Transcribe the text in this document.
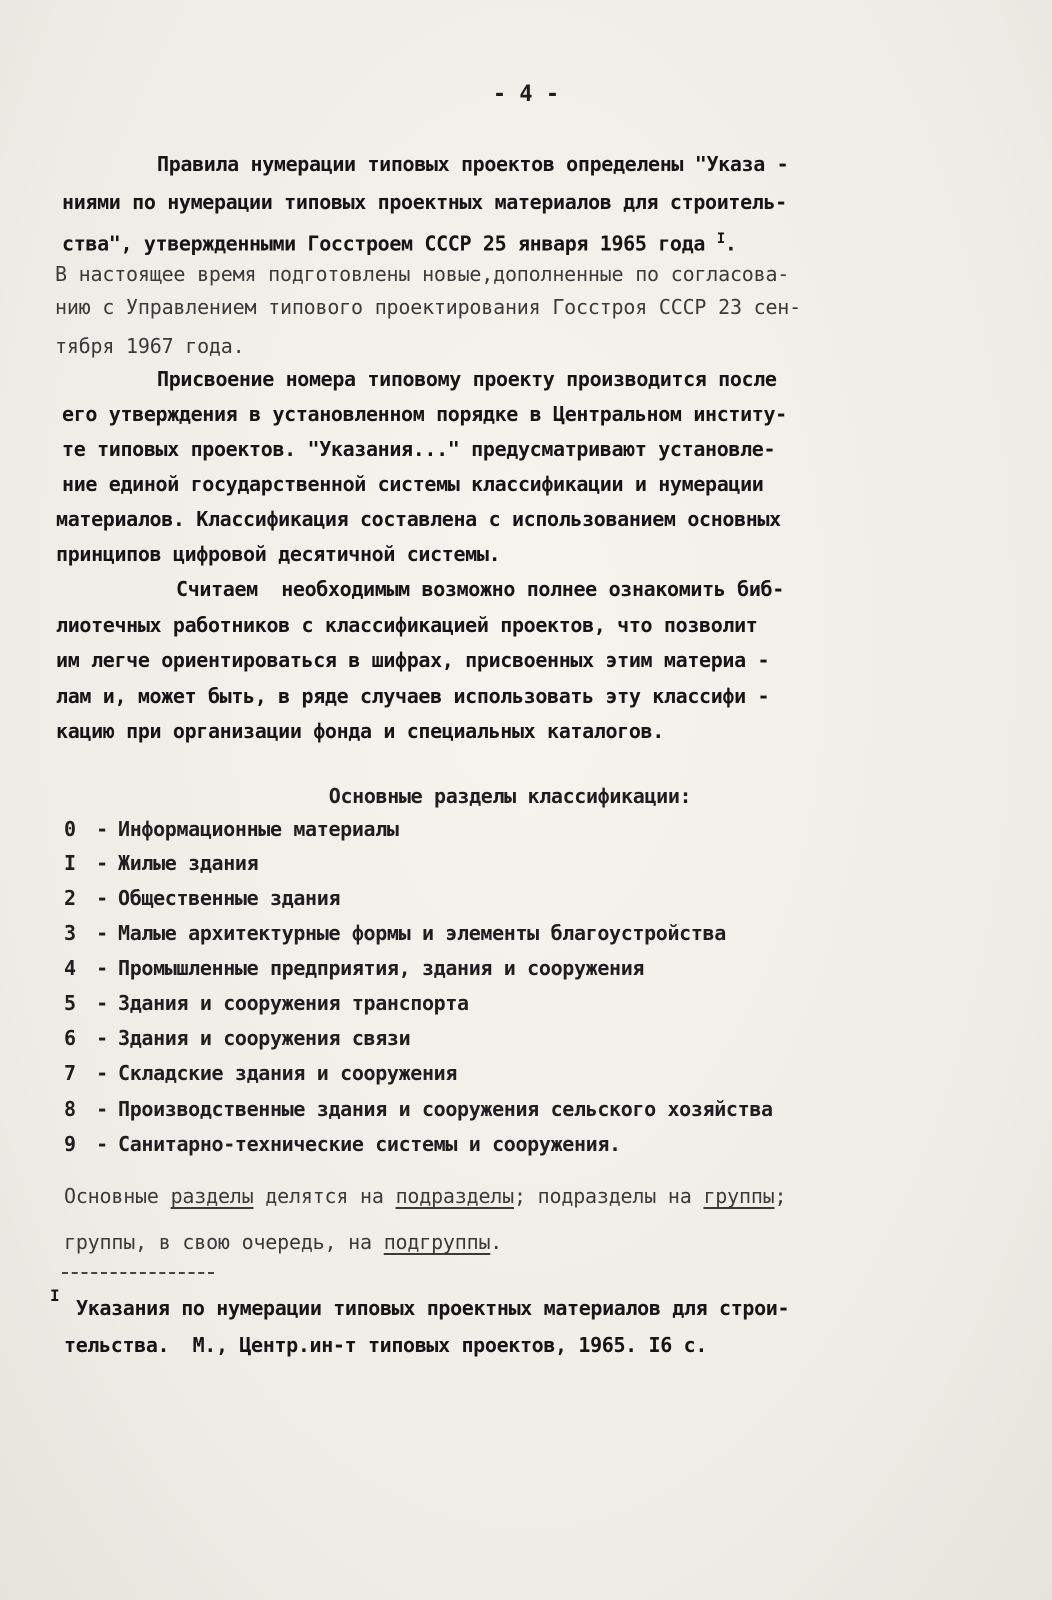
- 4 -
Правила нумерации типовых проектов определены "Указа -
ниями по нумерации типовых проектных материалов для строитель-
ства", утвержденными Госстроем СССР 25 января 1965 года $^I$.
В настоящее время подготовлены новые,дополненные по согласова-
нию с Управлением типового проектирования Госстроя СССР 23 сен-
тября 1967 года.
Присвоение номера типовому проекту производится после
его утверждения в установленном порядке в Центральном институ-
те типовых проектов. "Указания..." предусматривают установле-
ние единой государственной системы классификации и нумерации
материалов. Классификация составлена с использованием основных
принципов цифровой десятичной системы.
Считаем  необходимым возможно полнее ознакомить биб-
лиотечных работников с классификацией проектов, что позволит
им легче ориентироваться в шифрах, присвоенных этим материа -
лам и, может быть, в ряде случаев использовать эту классифи -
кацию при организации фонда и специальных каталогов.
Основные разделы классификации:
0 - Информационные материалы
I - Жилые здания
2 - Общественные здания
3 - Малые архитектурные формы и элементы благоустройства
4 - Промышленные предприятия, здания и сооружения
5 - Здания и сооружения транспорта
6 - Здания и сооружения связи
7 - Складские здания и сооружения
8 - Производственные здания и сооружения сельского хозяйства
9 - Санитарно-технические системы и сооружения.
Основные разделы делятся на подразделы; подразделы на группы;
группы, в свою очередь, на подгруппы.
I
Указания по нумерации типовых проектных материалов для строи-
тельства.  М., Центр.ин-т типовых проектов, 1965. I6 с.
